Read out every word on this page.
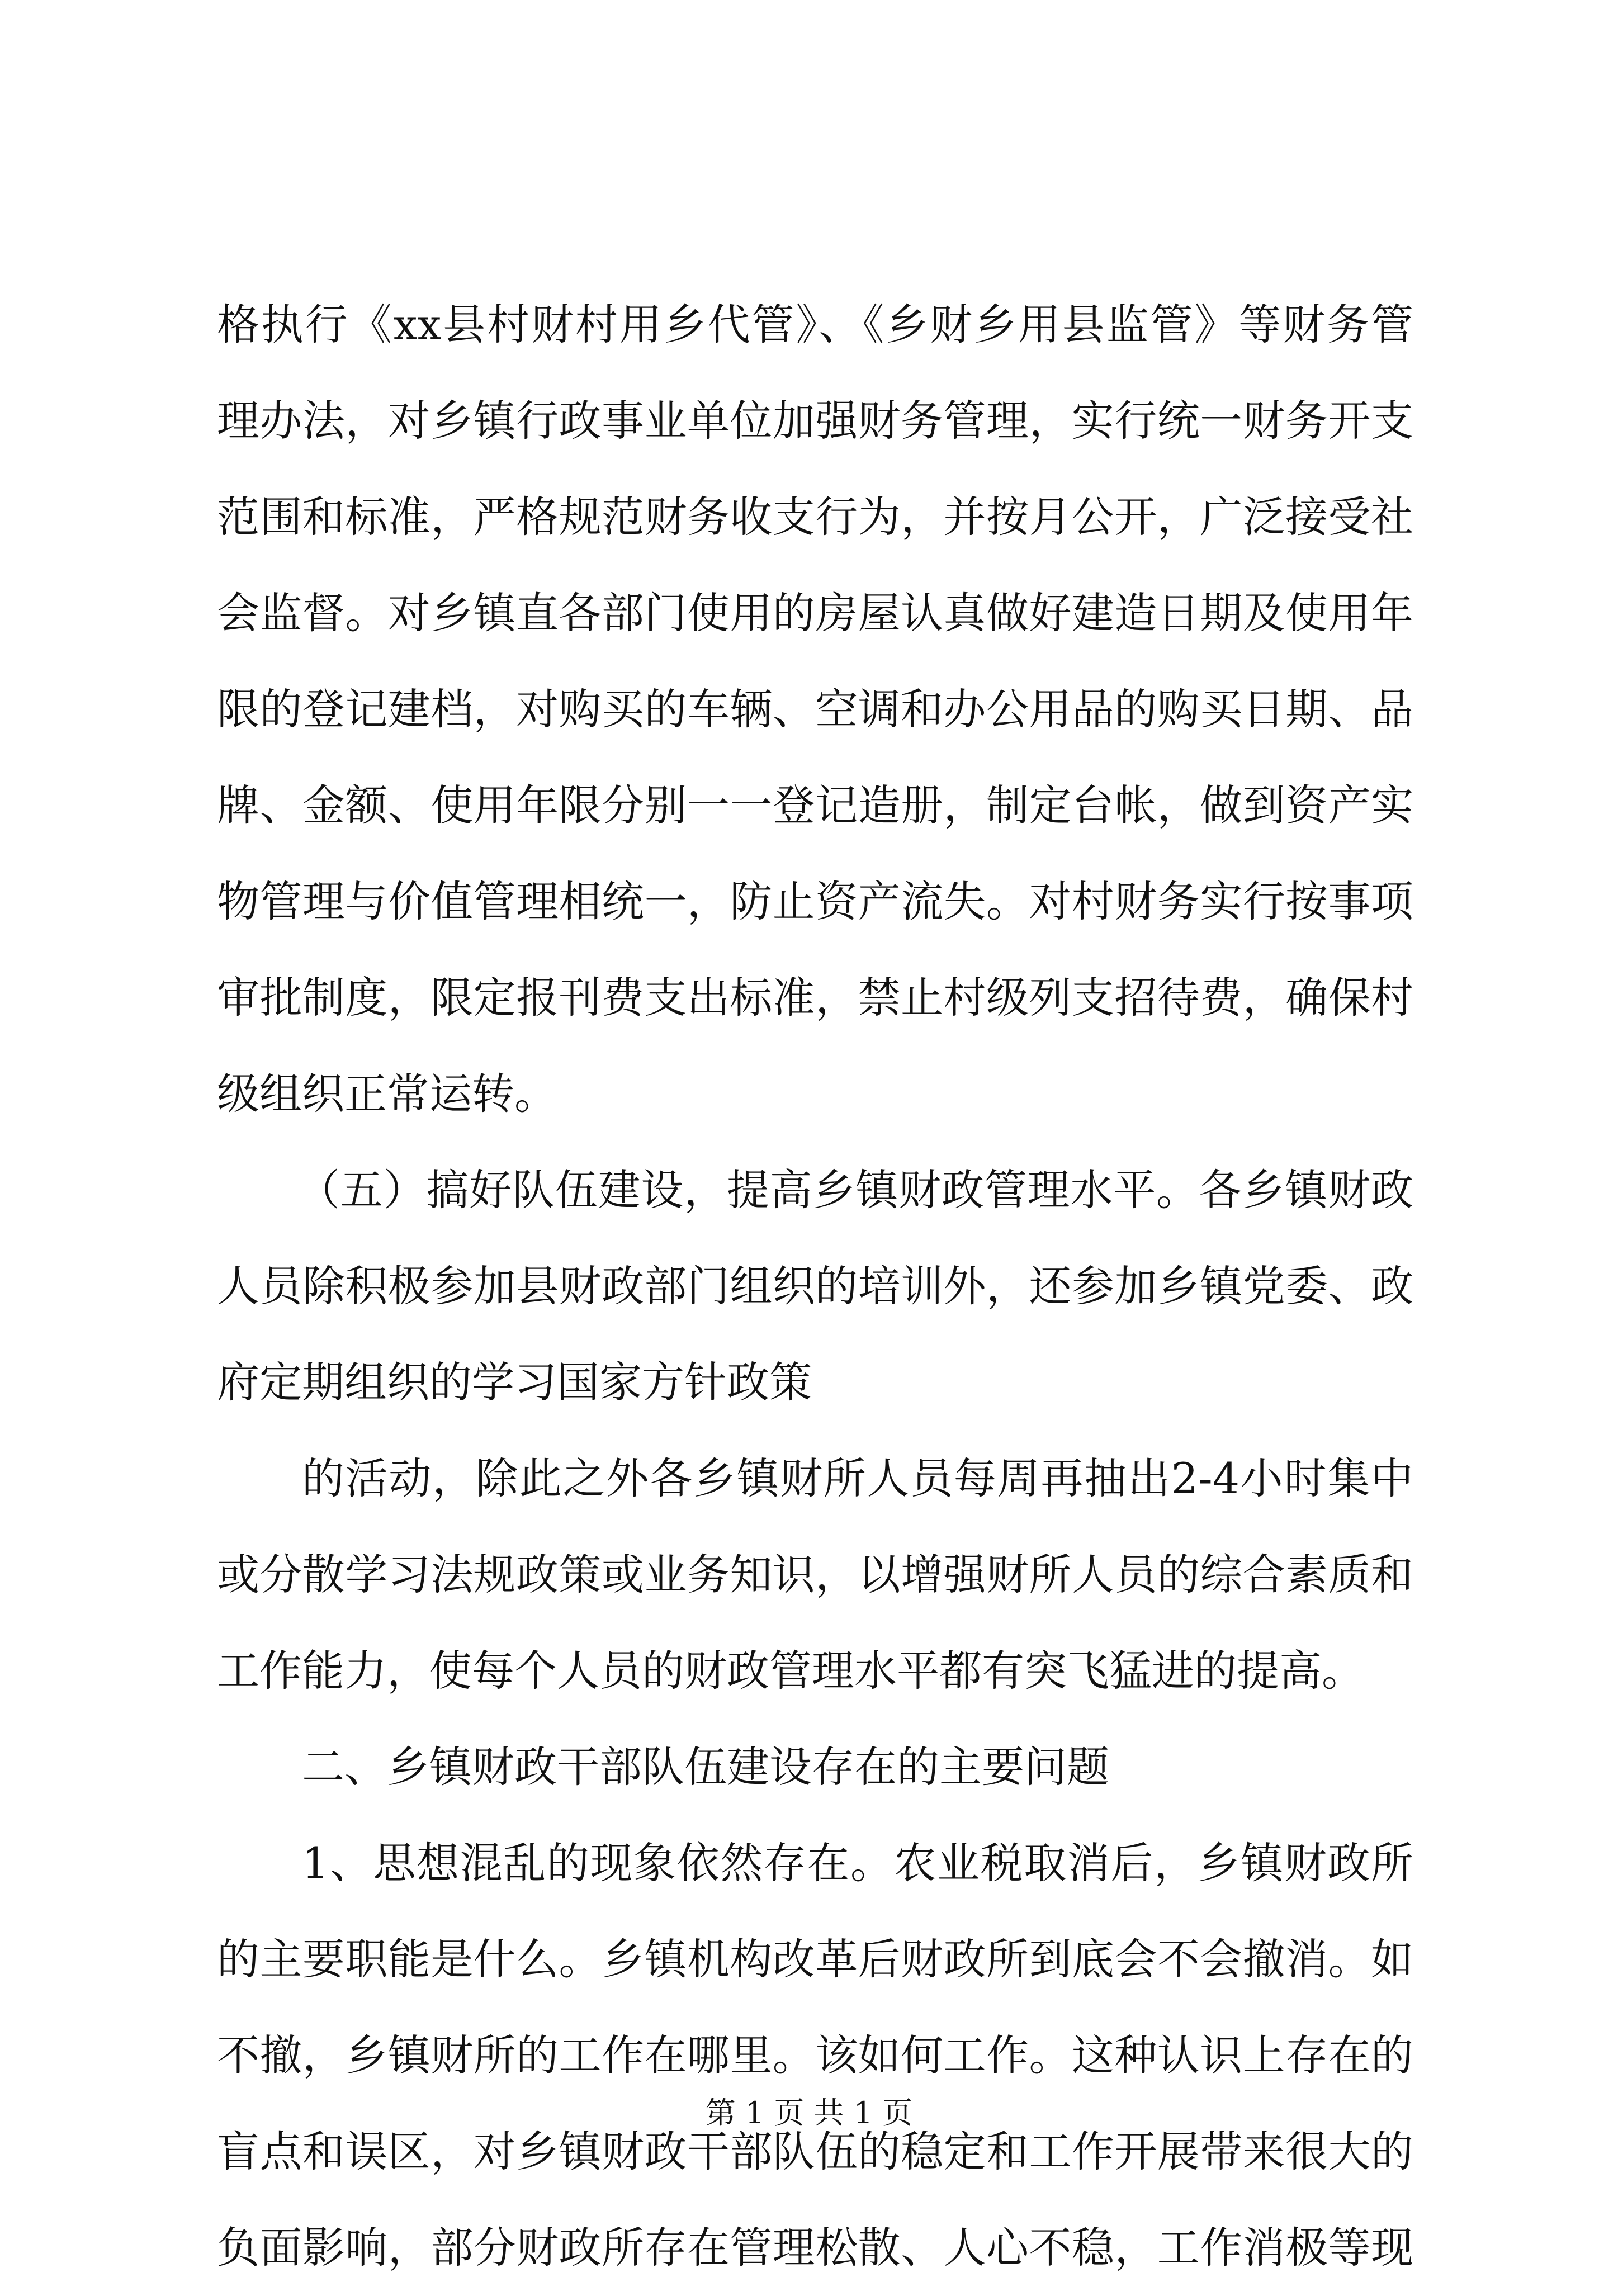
格执行《xx县村财村用乡代管》、《乡财乡用县监管》等财务管
理办法，对乡镇行政事业单位加强财务管理，实行统一财务开支
范围和标准，严格规范财务收支行为，并按月公开，广泛接受社
会监督。对乡镇直各部门使用的房屋认真做好建造日期及使用年
限的登记建档，对购买的车辆、空调和办公用品的购买日期、品
牌、金额、使用年限分别一一登记造册，制定台帐，做到资产实
物管理与价值管理相统一，防止资产流失。对村财务实行按事项
审批制度，限定报刊费支出标准，禁止村级列支招待费，确保村
级组织正常运转。
（五）搞好队伍建设，提高乡镇财政管理水平。各乡镇财政
人员除积极参加县财政部门组织的培训外，还参加乡镇党委、政
府定期组织的学习国家方针政策
的活动，除此之外各乡镇财所人员每周再抽出2-4小时集中
或分散学习法规政策或业务知识，以增强财所人员的综合素质和
工作能力，使每个人员的财政管理水平都有突飞猛进的提高。
二、乡镇财政干部队伍建设存在的主要问题
1、思想混乱的现象依然存在。农业税取消后，乡镇财政所
的主要职能是什么。乡镇机构改革后财政所到底会不会撤消。如
不撤，乡镇财所的工作在哪里。该如何工作。这种认识上存在的
盲点和误区，对乡镇财政干部队伍的稳定和工作开展带来很大的
负面影响，部分财政所存在管理松散、人心不稳，工作消极等现
第 1 页 共 1 页
